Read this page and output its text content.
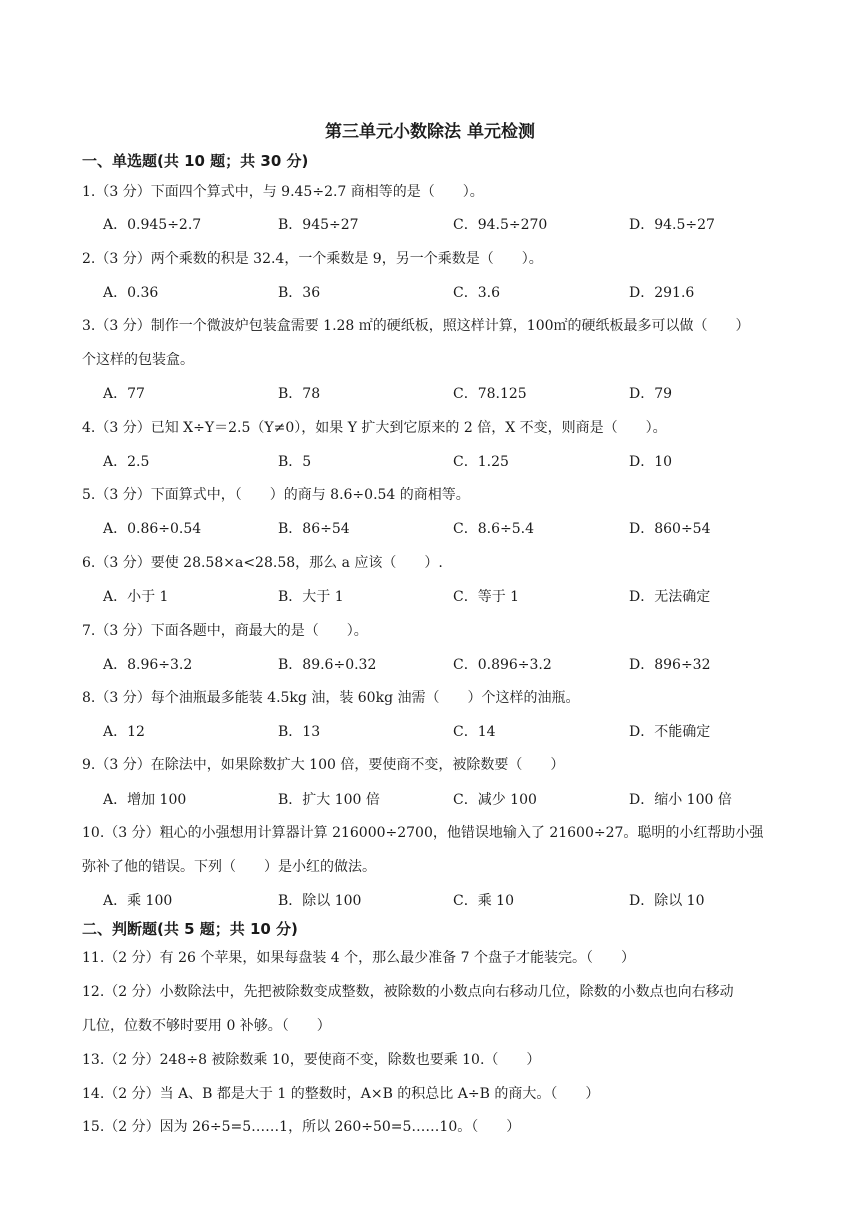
第三单元小数除法 单元检测
一、单选题(共 10 题；共 30 分)
1.（3 分）下面四个算式中，与 9.45÷2.7 商相等的是（　　）。
A．0.945÷2.7	B．945÷27	C．94.5÷270	D．94.5÷27
2.（3 分）两个乘数的积是 32.4，一个乘数是 9，另一个乘数是（　　）。
A．0.36	B．36	C．3.6	D．291.6
3.（3 分）制作一个微波炉包装盒需要 1.28 ㎡的硬纸板，照这样计算，100㎡的硬纸板最多可以做（　　）
个这样的包装盒。
A．77	B．78	C．78.125	D．79
4.（3 分）已知 X÷Y＝2.5（Y≠0），如果 Y 扩大到它原来的 2 倍，X 不变，则商是（　　）。
A．2.5	B．5	C．1.25	D．10
5.（3 分）下面算式中，（　　）的商与 8.6÷0.54 的商相等。
A．0.86÷0.54	B．86÷54	C．8.6÷5.4	D．860÷54
6.（3 分）要使 28.58×a<28.58，那么 a 应该（　　）.
A．小于 1	B．大于 1	C．等于 1	D．无法确定
7.（3 分）下面各题中，商最大的是（　　）。
A．8.96÷3.2	B．89.6÷0.32	C．0.896÷3.2	D．896÷32
8.（3 分）每个油瓶最多能装 4.5kg 油，装 60kg 油需（　　）个这样的油瓶。
A．12	B．13	C．14	D．不能确定
9.（3 分）在除法中，如果除数扩大 100 倍，要使商不变，被除数要（　　）
A．增加 100	B．扩大 100 倍	C．减少 100	D．缩小 100 倍
10.（3 分）粗心的小强想用计算器计算 216000÷2700，他错误地输入了 21600÷27。聪明的小红帮助小强
弥补了他的错误。下列（　　）是小红的做法。
A．乘 100	B．除以 100	C．乘 10	D．除以 10
二、判断题(共 5 题；共 10 分)
11.（2 分）有 26 个苹果，如果每盘装 4 个，那么最少准备 7 个盘子才能装完。（　　）
12.（2 分）小数除法中，先把被除数变成整数，被除数的小数点向右移动几位，除数的小数点也向右移动
几位，位数不够时要用 0 补够。（　　）
13.（2 分）248÷8 被除数乘 10，要使商不变，除数也要乘 10.（　　）
14.（2 分）当 A、B 都是大于 1 的整数时，A×B 的积总比 A÷B 的商大。（　　）
15.（2 分）因为 26÷5=5……1，所以 260÷50=5……10。（　　）
